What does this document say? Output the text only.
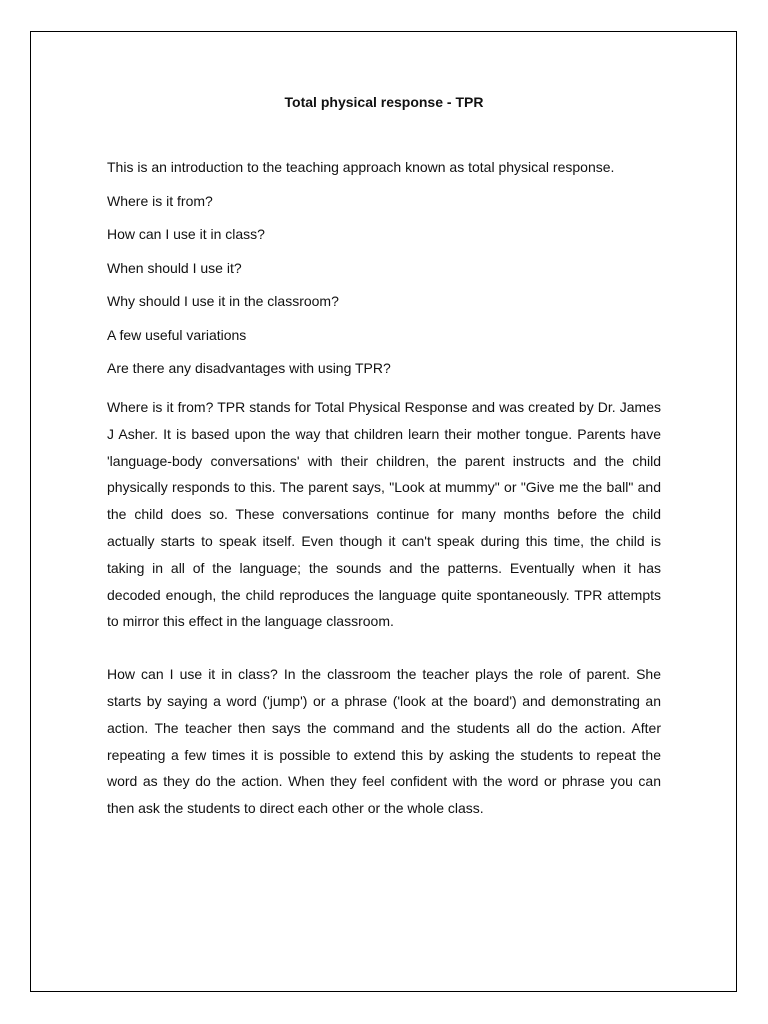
Total physical response - TPR

This is an introduction to the teaching approach known as total physical response.

Where is it from?

How can I use it in class?

When should I use it?

Why should I use it in the classroom?

A few useful variations

Are there any disadvantages with using TPR?

Where is it from? TPR stands for Total Physical Response and was created by Dr. James J Asher. It is based upon the way that children learn their mother tongue. Parents have 'language-body conversations' with their children, the parent instructs and the child physically responds to this. The parent says, "Look at mummy" or "Give me the ball" and the child does so. These conversations continue for many months before the child actually starts to speak itself. Even though it can't speak during this time, the child is taking in all of the language; the sounds and the patterns. Eventually when it has decoded enough, the child reproduces the language quite spontaneously. TPR attempts to mirror this effect in the language classroom.

How can I use it in class? In the classroom the teacher plays the role of parent. She starts by saying a word ('jump') or a phrase ('look at the board') and demonstrating an action. The teacher then says the command and the students all do the action. After repeating a few times it is possible to extend this by asking the students to repeat the word as they do the action. When they feel confident with the word or phrase you can then ask the students to direct each other or the whole class.
